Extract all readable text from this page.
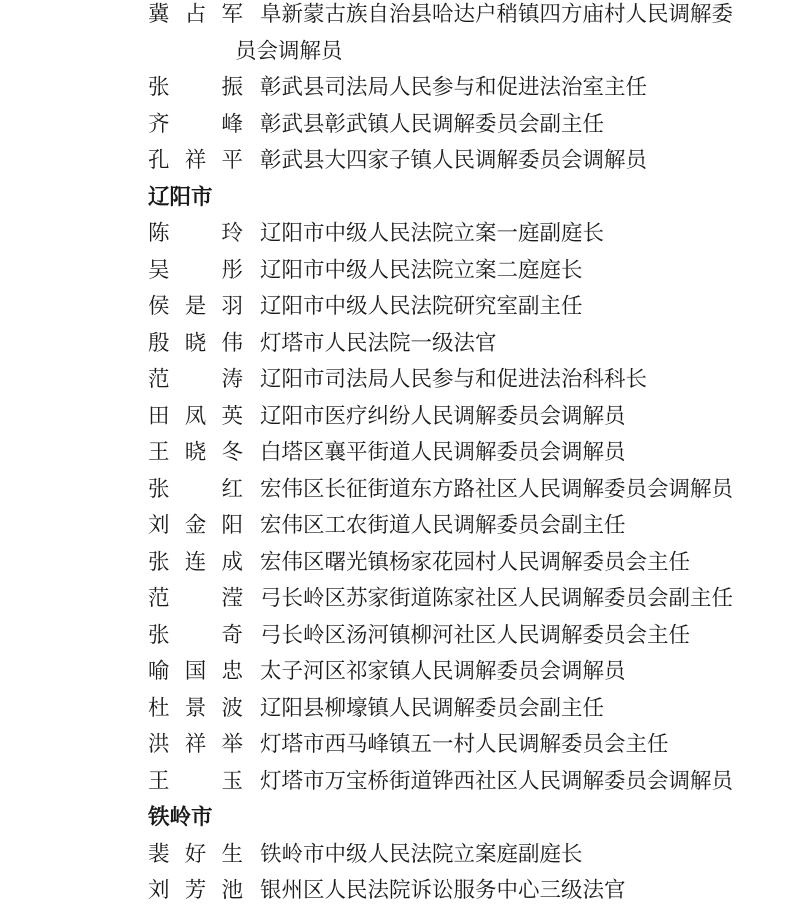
冀占军 阜新蒙古族自治县哈达户稍镇四方庙村人民调解委
员会调解员
张振 彰武县司法局人民参与和促进法治室主任
齐峰 彰武县彰武镇人民调解委员会副主任
孔祥平 彰武县大四家子镇人民调解委员会调解员
辽阳市
陈玲 辽阳市中级人民法院立案一庭副庭长
吴彤 辽阳市中级人民法院立案二庭庭长
侯是羽 辽阳市中级人民法院研究室副主任
殷晓伟 灯塔市人民法院一级法官
范涛 辽阳市司法局人民参与和促进法治科科长
田凤英 辽阳市医疗纠纷人民调解委员会调解员
王晓冬 白塔区襄平街道人民调解委员会调解员
张红 宏伟区长征街道东方路社区人民调解委员会调解员
刘金阳 宏伟区工农街道人民调解委员会副主任
张连成 宏伟区曙光镇杨家花园村人民调解委员会主任
范滢 弓长岭区苏家街道陈家社区人民调解委员会副主任
张奇 弓长岭区汤河镇柳河社区人民调解委员会主任
喻国忠 太子河区祁家镇人民调解委员会调解员
杜景波 辽阳县柳壕镇人民调解委员会副主任
洪祥举 灯塔市西马峰镇五一村人民调解委员会主任
王玉 灯塔市万宝桥街道铧西社区人民调解委员会调解员
铁岭市
裴好生 铁岭市中级人民法院立案庭副庭长
刘芳池 银州区人民法院诉讼服务中心三级法官
